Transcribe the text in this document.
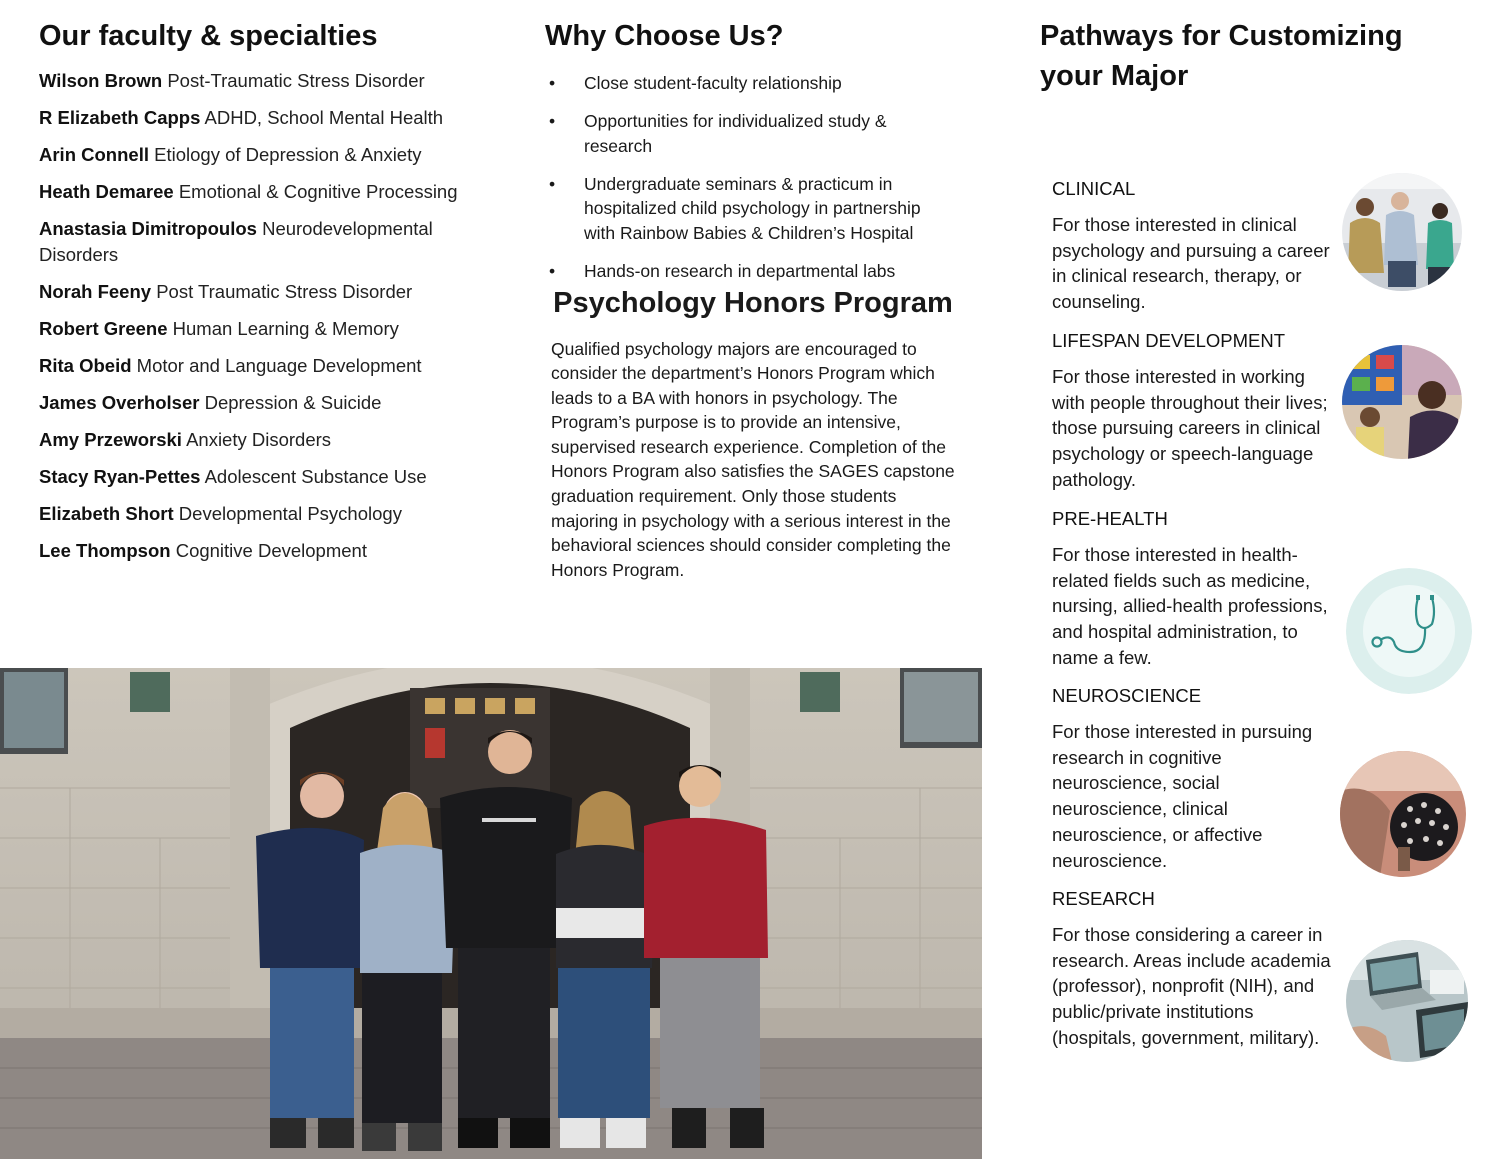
Our faculty & specialties

Wilson Brown Post-Traumatic Stress Disorder

R Elizabeth Capps ADHD, School Mental Health

Arin Connell Etiology of Depression & Anxiety

Heath Demaree Emotional & Cognitive Processing

Anastasia Dimitropoulos Neurodevelopmental Disorders

Norah Feeny Post Traumatic Stress Disorder

Robert Greene Human Learning & Memory

Rita Obeid Motor and Language Development

James Overholser Depression & Suicide

Amy Przeworski Anxiety Disorders

Stacy Ryan-Pettes Adolescent Substance Use

Elizabeth Short Developmental Psychology

Lee Thompson Cognitive Development

Why Choose Us?
• Close student-faculty relationship
• Opportunities for individualized study & research
• Undergraduate seminars & practicum in hospitalized child psychology in partnership with Rainbow Babies & Children’s Hospital
• Hands-on research in departmental labs
Psychology Honors Program

Qualified psychology majors are encouraged to consider the department’s Honors Program which leads to a BA with honors in psychology. The Program’s purpose is to provide an intensive, supervised research experience. Completion of the Honors Program also satisfies the SAGES capstone graduation requirement. Only those students majoring in psychology with a serious interest in the behavioral sciences should consider completing the Honors Program.

Pathways for Customizing your Major

CLINICAL

For those interested in clinical psychology and pursuing a career in clinical research, therapy, or counseling.

LIFESPAN DEVELOPMENT

For those interested in working with people throughout their lives; those pursuing careers in clinical psychology or speech-language pathology.

PRE-HEALTH

For those interested in health-related fields such as medicine, nursing, allied-health professions, and hospital administration, to name a few.

NEUROSCIENCE

For those interested in pursuing research in cognitive neuroscience, social neuroscience, clinical neuroscience, or affective neuroscience.

RESEARCH

For those considering a career in research. Areas include academia (professor), nonprofit (NIH), and public/private institutions (hospitals, government, military).
